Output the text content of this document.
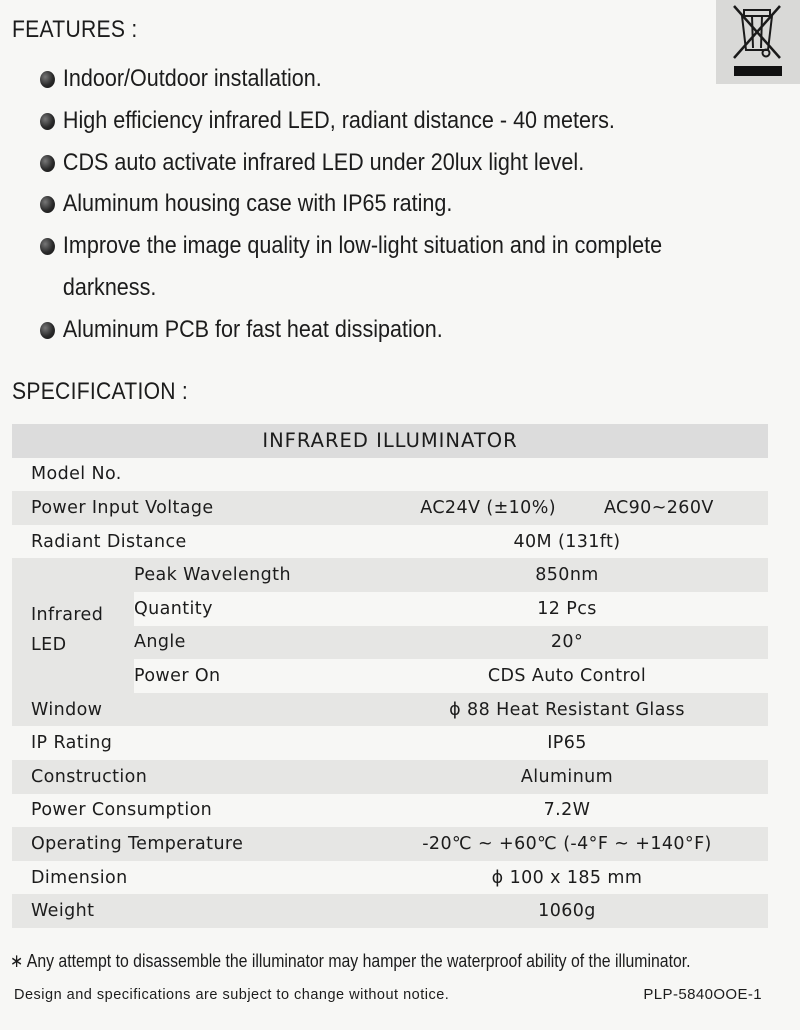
FEATURES :
Indoor/Outdoor installation.
High efficiency infrared LED, radiant distance - 40 meters.
CDS auto activate infrared LED under 20lux light level.
Aluminum housing case with IP65 rating.
Improve the image quality in low-light situation and in complete
darkness.
Aluminum PCB for fast heat dissipation.
SPECIFICATION :
INFRARED ILLUMINATOR		
Model No.		
Power Input Voltage		AC24V (±10%) AC90~260V
Radiant Distance		40M (131ft)

Infrared
LED	Peak Wavelength	850nm
	Quantity	12 Pcs
	Angle	20°
	Power On	CDS Auto Control
Window		ϕ 88 Heat Resistant Glass
IP Rating		IP65
Construction		Aluminum
Power Consumption		7.2W
Operating Temperature		-20℃ ~ +60℃ (-4°F ~ +140°F)
Dimension		ϕ 100 x 185 mm
Weight		1060g
∗ Any attempt to disassemble the illuminator may hamper the waterproof ability of the illuminator.
Design and specifications are subject to change without notice.	PLP-5840OOE-1
